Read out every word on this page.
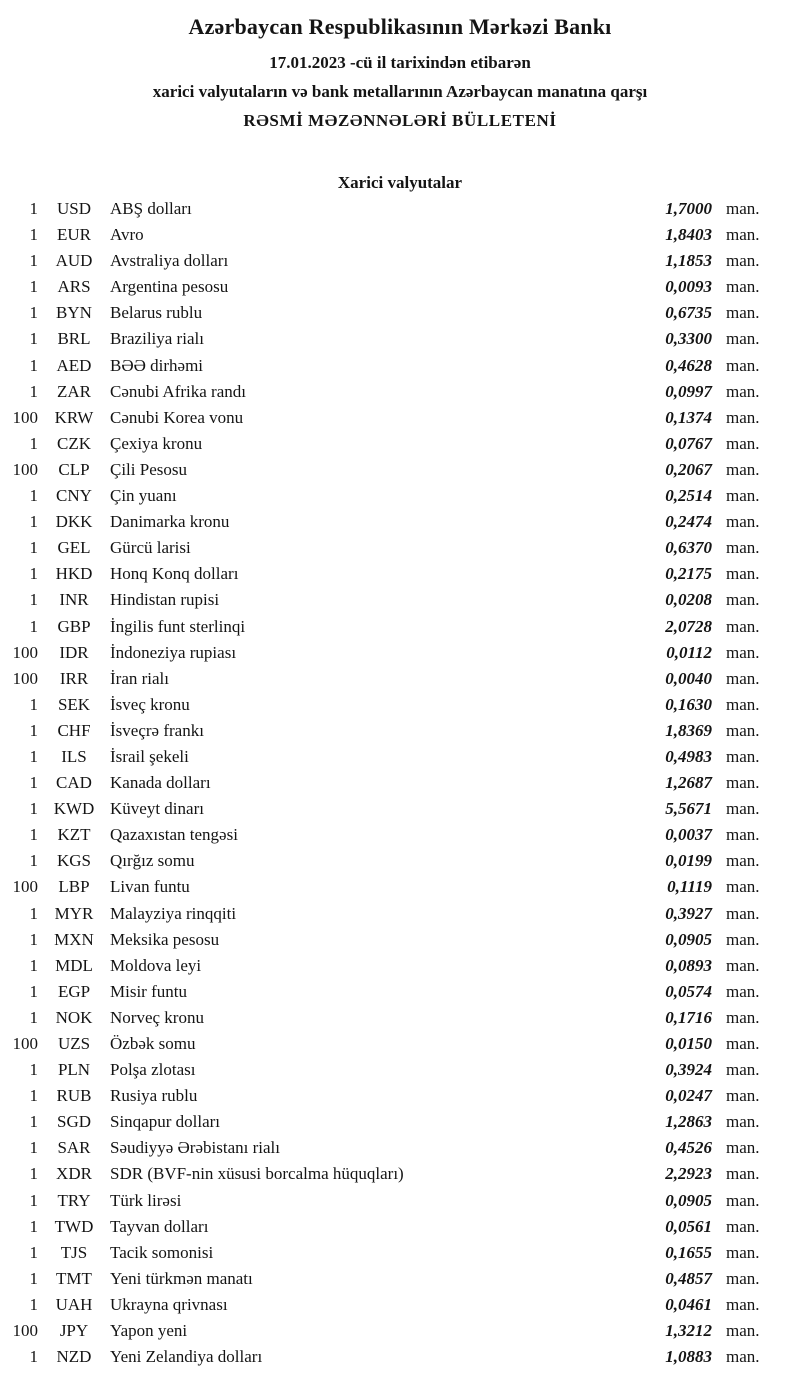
Azərbaycan Respublikasının Mərkəzi Bankı
17.01.2023 -cü il tarixindən etibarən
xarici valyutaların və bank metallarının Azərbaycan manatına qarşı
RƏSMİ MƏZƏNNƏLƏRİ BÜLLETENİ
Xarici valyutalar
1	USD	ABŞ dolları	1,7000 man.
1	EUR	Avro	1,8403 man.
1	AUD	Avstraliya dolları	1,1853 man.
1	ARS	Argentina pesosu	0,0093 man.
1	BYN	Belarus rublu	0,6735 man.
1	BRL	Braziliya rialı	0,3300 man.
1	AED	BƏƏ dirhəmi	0,4628 man.
1	ZAR	Cənubi Afrika randı	0,0997 man.
100 KRW Cənubi Korea vonu	0,1374 man.
1	CZK	Çexiya kronu	0,0767 man.
100	CLP	Çili Pesosu	0,2067 man.
1	CNY	Çin yuanı	0,2514 man.
1	DKK	Danimarka kronu	0,2474 man.
1	GEL	Gürcü larisi	0,6370 man.
1	HKD	Honq Konq dolları	0,2175 man.
1	INR	Hindistan rupisi	0,0208 man.
1	GBP	İngilis funt sterlinqi	2,0728 man.
100	IDR	İndoneziya rupiası	0,0112 man.
100	IRR	İran rialı	0,0040 man.
1	SEK	İsveç kronu	0,1630 man.
1	CHF	İsveçrə frankı	1,8369 man.
1	ILS	İsrail şekeli	0,4983 man.
1	CAD	Kanada dolları	1,2687 man.
1 KWD Küveyt dinarı	5,5671 man.
1	KZT	Qazaxıstan tengəsi	0,0037 man.
1	KGS	Qırğız somu	0,0199 man.
100	LBP	Livan funtu	0,1119 man.
1 MYR Malayziya rinqqiti	0,3927 man.
1 MXN Meksika pesosu	0,0905 man.
1	MDL	Moldova leyi	0,0893 man.
1	EGP	Misir funtu	0,0574 man.
1	NOK	Norveç kronu	0,1716 man.
100	UZS	Özbək somu	0,0150 man.
1	PLN	Polşa zlotası	0,3924 man.
1	RUB	Rusiya rublu	0,0247 man.
1	SGD	Sinqapur dolları	1,2863 man.
1	SAR	Səudiyyə Ərəbistanı rialı	0,4526 man.
1	XDR	SDR (BVF-nin xüsusi borcalma hüquqları)	2,2923 man.
1	TRY	Türk lirəsi	0,0905 man.
1 TWD Tayvan dolları	0,0561 man.
1	TJS	Tacik somonisi	0,1655 man.
1	TMT	Yeni türkmən manatı	0,4857 man.
1	UAH	Ukrayna qrivnası	0,0461 man.
100	JPY	Yapon yeni	1,3212 man.
1	NZD	Yeni Zelandiya dolları	1,0883 man.
